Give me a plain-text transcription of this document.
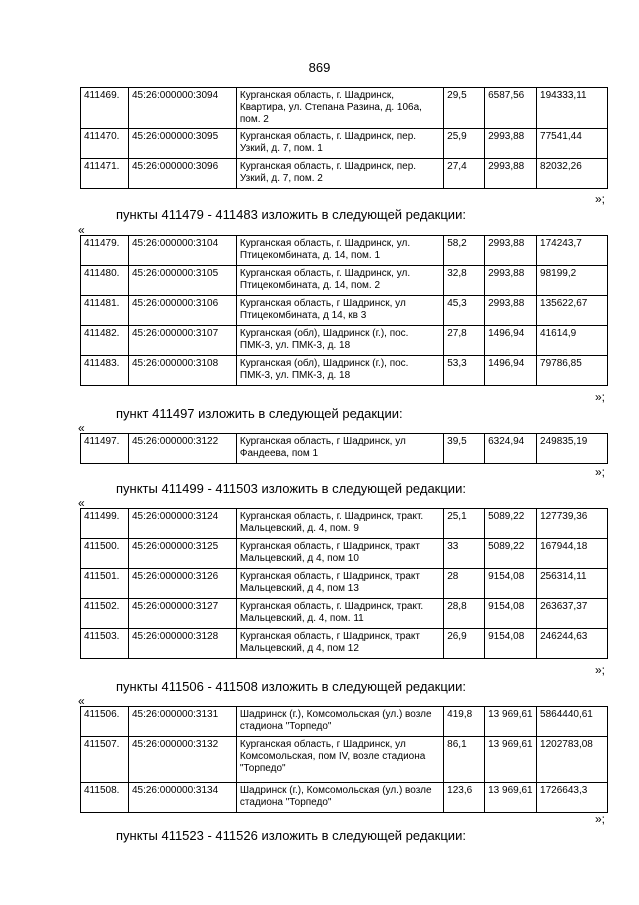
869
411469.	45:26:000000:3094	Курганская область, г. Шадринск, Квартира, ул. Степана Разина, д. 106а, пом. 2	29,5	6587,56	194333,11
411470.	45:26:000000:3095	Курганская область, г. Шадринск, пер. Узкий, д. 7, пом. 1	25,9	2993,88	77541,44
411471.	45:26:000000:3096	Курганская область, г. Шадринск, пер. Узкий, д. 7, пом. 2	27,4	2993,88	82032,26
»;
пункты 411479 - 411483 изложить в следующей редакции:
«
411479.	45:26:000000:3104	Курганская область, г. Шадринск, ул. Птицекомбината, д. 14, пом. 1	58,2	2993,88	174243,7
411480.	45:26:000000:3105	Курганская область, г. Шадринск, ул. Птицекомбината, д. 14, пом. 2	32,8	2993,88	98199,2
411481.	45:26:000000:3106	Курганская область, г Шадринск, ул Птицекомбината, д 14, кв 3	45,3	2993,88	135622,67
411482.	45:26:000000:3107	Курганская (обл), Шадринск (г.), пос. ПМК-3, ул. ПМК-3, д. 18	27,8	1496,94	41614,9
411483.	45:26:000000:3108	Курганская (обл), Шадринск (г.), пос. ПМК-3, ул. ПМК-3, д. 18	53,3	1496,94	79786,85
»;
пункт 411497 изложить в следующей редакции:
«
411497.	45:26:000000:3122	Курганская область, г Шадринск, ул Фандеева, пом 1	39,5	6324,94	249835,19
»;
пункты 411499 - 411503 изложить в следующей редакции:
«
411499.	45:26:000000:3124	Курганская область, г. Шадринск, тракт. Мальцевский, д. 4, пом. 9	25,1	5089,22	127739,36
411500.	45:26:000000:3125	Курганская область, г Шадринск, тракт Мальцевский, д 4, пом 10	33	5089,22	167944,18
411501.	45:26:000000:3126	Курганская область, г Шадринск, тракт Мальцевский, д 4, пом 13	28	9154,08	256314,11
411502.	45:26:000000:3127	Курганская область, г. Шадринск, тракт. Мальцевский, д. 4, пом. 11	28,8	9154,08	263637,37
411503.	45:26:000000:3128	Курганская область, г Шадринск, тракт Мальцевский, д 4, пом 12	26,9	9154,08	246244,63
»;
пункты 411506 - 411508 изложить в следующей редакции:
«
411506.	45:26:000000:3131	Шадринск (г.), Комсомольская (ул.) возле стадиона "Торпедо"	419,8	13 969,61	5864440,61
411507.	45:26:000000:3132	Курганская область, г Шадринск, ул Комсомольская, пом IV, возле стадиона "Торпедо"	86,1	13 969,61	1202783,08
411508.	45:26:000000:3134	Шадринск (г.), Комсомольская (ул.) возле стадиона "Торпедо"	123,6	13 969,61	1726643,3
»;
пункты 411523 - 411526 изложить в следующей редакции:
